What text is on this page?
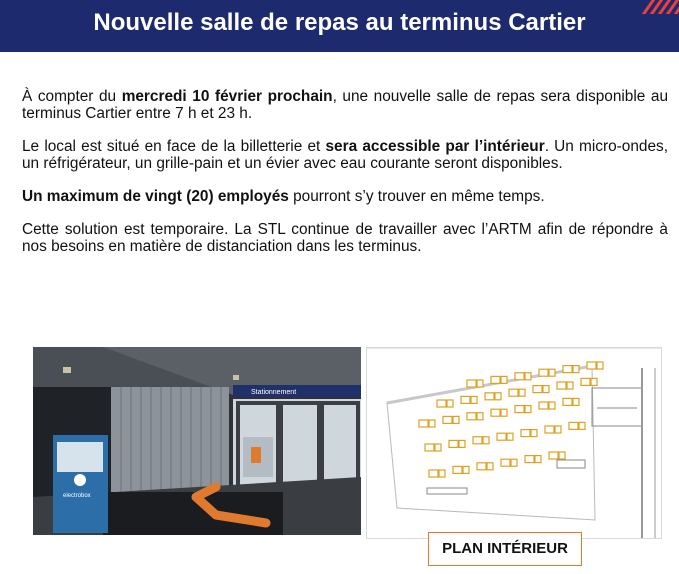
Nouvelle salle de repas au terminus Cartier

À compter du mercredi 10 février prochain, une nouvelle salle de repas sera disponible au terminus Cartier entre 7 h et 23 h.

Le local est situé en face de la billetterie et sera accessible par l’intérieur. Un micro-ondes, un réfrigérateur, un grille-pain et un évier avec eau courante seront disponibles.

Un maximum de vingt (20) employés pourront s’y trouver en même temps.

Cette solution est temporaire. La STL continue de travailler avec l’ARTM afin de répondre à nos besoins en matière de distanciation dans les terminus.

Stationnement
electrobox
PLAN INTÉRIEUR
